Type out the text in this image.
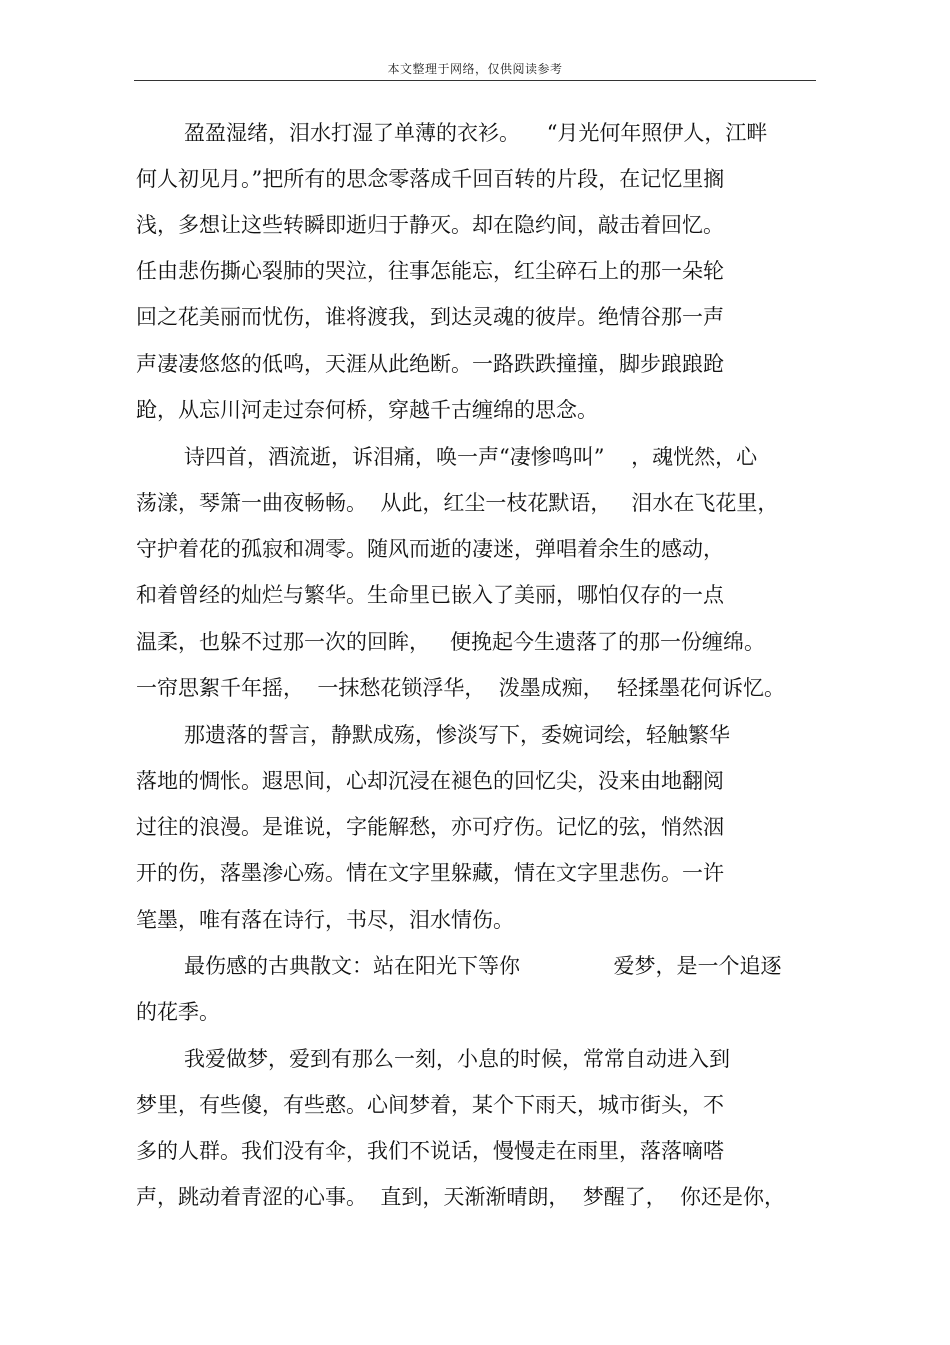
本文整理于网络，仅供阅读参考
盈盈湿绪，泪水打湿了单薄的衣衫。    “月光何年照伊人，江畔
何人初见月。”把所有的思念零落成千回百转的片段，在记忆里搁
浅，多想让这些转瞬即逝归于静灭。却在隐约间，敲击着回忆。
任由悲伤撕心裂肺的哭泣，往事怎能忘，红尘碎石上的那一朵轮
回之花美丽而忧伤，谁将渡我，到达灵魂的彼岸。绝情谷那一声
声凄凄悠悠的低鸣，天涯从此绝断。一路跌跌撞撞，脚步踉踉跄
跄，从忘川河走过奈何桥，穿越千古缠绵的思念。
诗四首，酒流逝，诉泪痛，唤一声“凄惨鸣叫”    ，魂恍然，心
荡漾，琴箫一曲夜畅畅。  从此，红尘一枝花默语，   泪水在飞花里，
守护着花的孤寂和凋零。随风而逝的凄迷，弹唱着余生的感动，
和着曾经的灿烂与繁华。生命里已嵌入了美丽，哪怕仅存的一点
温柔，也躲不过那一次的回眸，   便挽起今生遗落了的那一份缠绵。
一帘思絮千年摇，  一抹愁花锁浮华，  泼墨成痴，  轻揉墨花何诉忆。
那遗落的誓言，静默成殇，惨淡写下，委婉词绘，轻触繁华
落地的惆怅。遐思间，心却沉浸在褪色的回忆尖，没来由地翻阅
过往的浪漫。是谁说，字能解愁，亦可疗伤。记忆的弦，悄然洇
开的伤，落墨渗心殇。情在文字里躲藏，情在文字里悲伤。一许
笔墨，唯有落在诗行，书尽，泪水情伤。
最伤感的古典散文：站在阳光下等你              爱梦，是一个追逐
的花季。
我爱做梦，爱到有那么一刻，小息的时候，常常自动进入到
梦里，有些傻，有些憨。心间梦着，某个下雨天，城市街头，不
多的人群。我们没有伞，我们不说话，慢慢走在雨里，落落嘀嗒
声，跳动着青涩的心事。  直到，天渐渐晴朗，  梦醒了，  你还是你，
